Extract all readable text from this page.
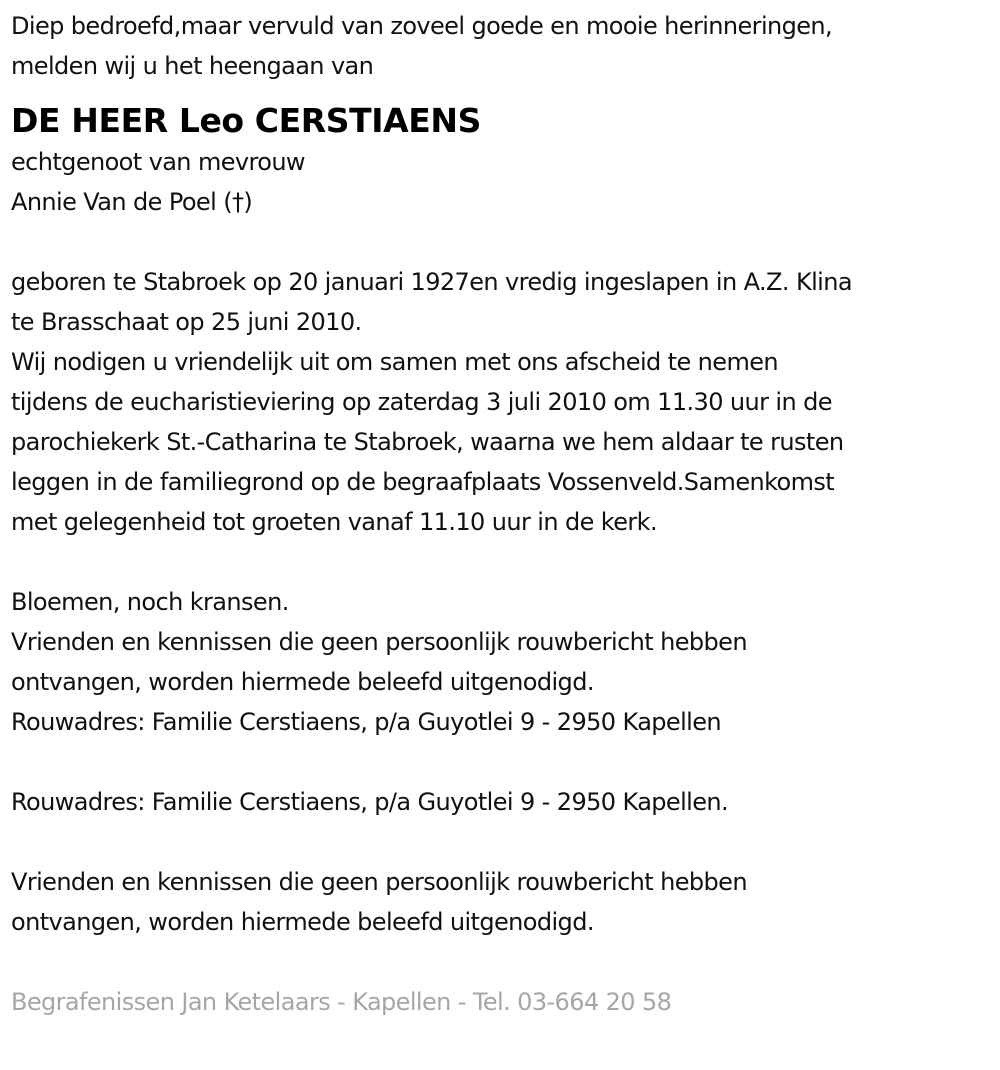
Diep bedroefd,maar vervuld van zoveel goede en mooie herinneringen,
melden wij u het heengaan van
DE HEER Leo CERSTIAENS
echtgenoot van mevrouw
Annie Van de Poel (†)
geboren te Stabroek op 20 januari 1927en vredig ingeslapen in A.Z. Klina
te Brasschaat op 25 juni 2010.
Wij nodigen u vriendelijk uit om samen met ons afscheid te nemen
tijdens de eucharistieviering op zaterdag 3 juli 2010 om 11.30 uur in de
parochiekerk St.-Catharina te Stabroek, waarna we hem aldaar te rusten
leggen in de familiegrond op de begraafplaats Vossenveld.Samenkomst
met gelegenheid tot groeten vanaf 11.10 uur in de kerk.
Bloemen, noch kransen.
Vrienden en kennissen die geen persoonlijk rouwbericht hebben
ontvangen, worden hiermede beleefd uitgenodigd.
Rouwadres: Familie Cerstiaens, p/a Guyotlei 9 - 2950 Kapellen
Rouwadres: Familie Cerstiaens, p/a Guyotlei 9 - 2950 Kapellen.
Vrienden en kennissen die geen persoonlijk rouwbericht hebben
ontvangen, worden hiermede beleefd uitgenodigd.
Begrafenissen Jan Ketelaars - Kapellen - Tel. 03-664 20 58
